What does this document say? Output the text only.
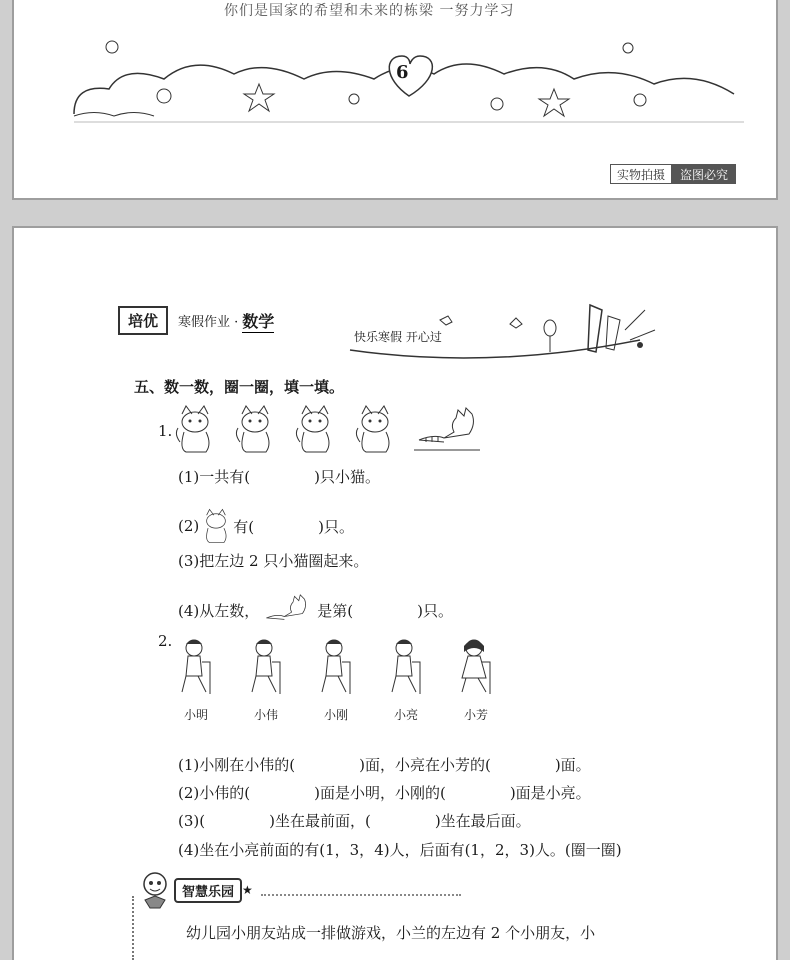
你们是国家的希望和未来的栋梁 一努力学习
6
实物拍摄	盗图必究
培优	寒假作业 · 数学
快乐寒假 开心过
五、数一数，圈一圈，填一填。
1.
(1)一共有(	)只小猫。
(2) 有(	)只。
(3)把左边 2 只小猫圈起来。
(4)从左数，	是第(	)只。
2.
小明	小伟	小刚	小亮	小芳
(1)小刚在小伟的(	)面，小亮在小芳的(	)面。
(2)小伟的(	)面是小明，小刚的(	)面是小亮。
(3)(	)坐在最前面，(	)坐在最后面。
(4)坐在小亮前面的有(1，3，4)人，后面有(1，2，3)人。(圈一圈)
智慧乐园 ★
幼儿园小朋友站成一排做游戏，小兰的左边有 2 个小朋友，小
